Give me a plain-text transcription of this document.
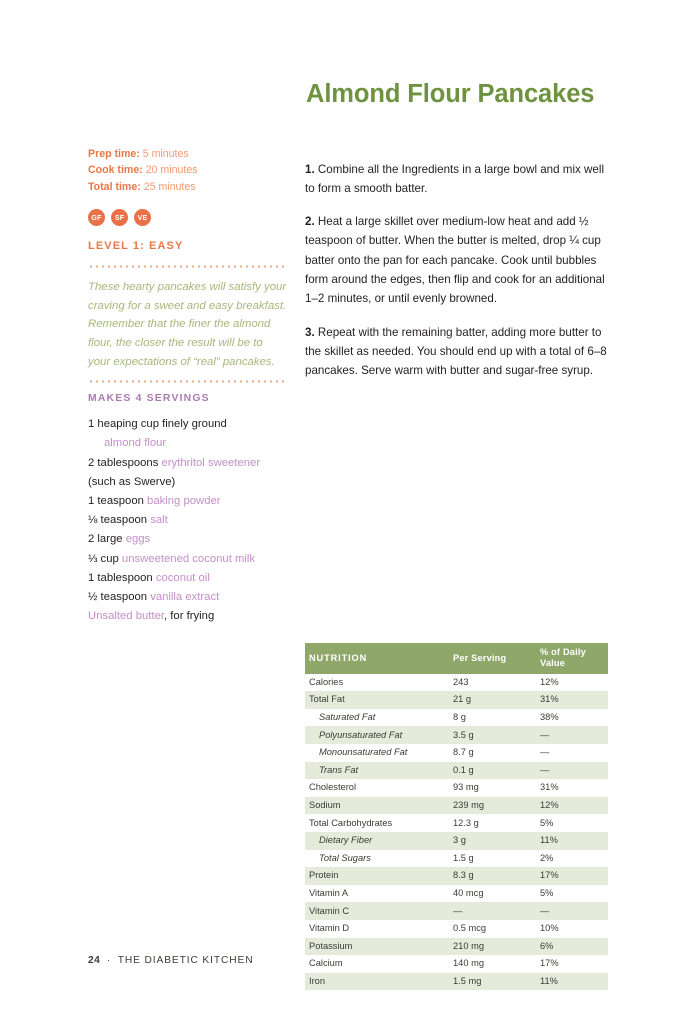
Prep time: 5 minutes
Cook time: 20 minutes
Total time: 25 minutes
GF	SF	VE
LEVEL 1: EASY

These hearty pancakes will satisfy your craving for a sweet and easy breakfast. Remember that the finer the almond flour, the closer the result will be to your expectations of “real” pancakes.

MAKES 4 SERVINGS
1 heaping cup finely ground
almond flour
2 tablespoons erythritol sweetener (such as Swerve)
1 teaspoon baking powder
⅛ teaspoon salt
2 large eggs
⅓ cup unsweetened coconut milk
1 tablespoon coconut oil
½ teaspoon vanilla extract
Unsalted butter, for frying
Almond Flour Pancakes

1. Combine all the Ingredients in a large bowl and mix well to form a smooth batter.

2. Heat a large skillet over medium-low heat and add ½ teaspoon of butter. When the butter is melted, drop ¼ cup batter onto the pan for each pancake. Cook until bubbles form around the edges, then flip and cook for an additional 1–2 minutes, or until evenly browned.

3. Repeat with the remaining batter, adding more butter to the skillet as needed. You should end up with a total of 6–8 pancakes. Serve warm with butter and sugar-free syrup.

NUTRITION	Per Serving	% of Daily Value
Calories	243	12%
Total Fat	21 g	31%
Saturated Fat	8 g	38%
Polyunsaturated Fat	3.5 g	—
Monounsaturated Fat	8.7 g	—
Trans Fat	0.1 g	—
Cholesterol	93 mg	31%
Sodium	239 mg	12%
Total Carbohydrates	12.3 g	5%
Dietary Fiber	3 g	11%
Total Sugars	1.5 g	2%
Protein	8.3 g	17%
Vitamin A	40 mcg	5%
Vitamin C	—	—
Vitamin D	0.5 mcg	10%
Potassium	210 mg	6%
Calcium	140 mg	17%
Iron	1.5 mg	11%
24 · THE DIABETIC KITCHEN
